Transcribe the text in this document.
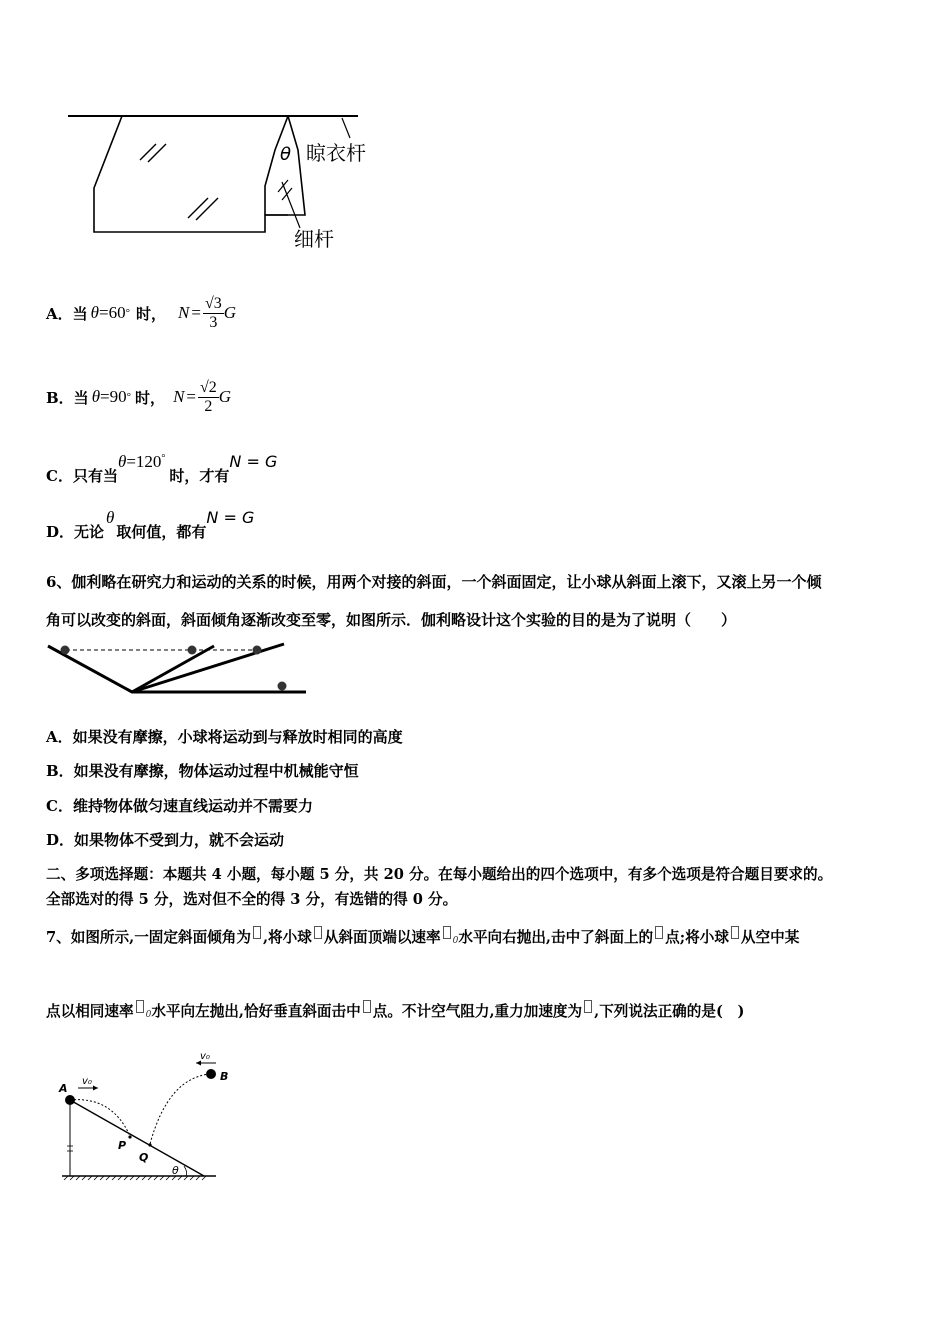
θ 晾衣杆
细杆
A．当 θ =60 ° 时， $N = \frac{√3}{3}$ G
B．当 θ =90 ° 时， $N = \frac{√2}{2}$ G
C．只有当
θ=120°
时，才有
N = G
D．无论
θ
取何值，都有
N = G
6、伽利略在研究力和运动的关系的时候，用两个对接的斜面，一个斜面固定，让小球从斜面上滚下，又滚上另一个倾
角可以改变的斜面，斜面倾角逐渐改变至零，如图所示．伽利略设计这个实验的目的是为了说明（　　）
A．如果没有摩擦，小球将运动到与释放时相同的高度
B．如果没有摩擦，物体运动过程中机械能守恒
C．维持物体做匀速直线运动并不需要力
D．如果物体不受到力，就不会运动
二、多项选择题：本题共 4 小题，每小题 5 分，共 20 分。在每小题给出的四个选项中，有多个选项是符合题目要求的。
全部选对的得 5 分，选对但不全的得 3 分，有选错的得 0 分。
7、如图所示,一固定斜面倾角为 ,将小球 从斜面顶端以速率 0水平向右抛出,击中了斜面上的 点;将小球 从空中某
点以相同速率 0水平向左抛出,恰好垂直斜面击中 点。不计空气阻力,重力加速度为 ,下列说法正确的是(　)
A
v₀
v₀
B
P
Q
θ
